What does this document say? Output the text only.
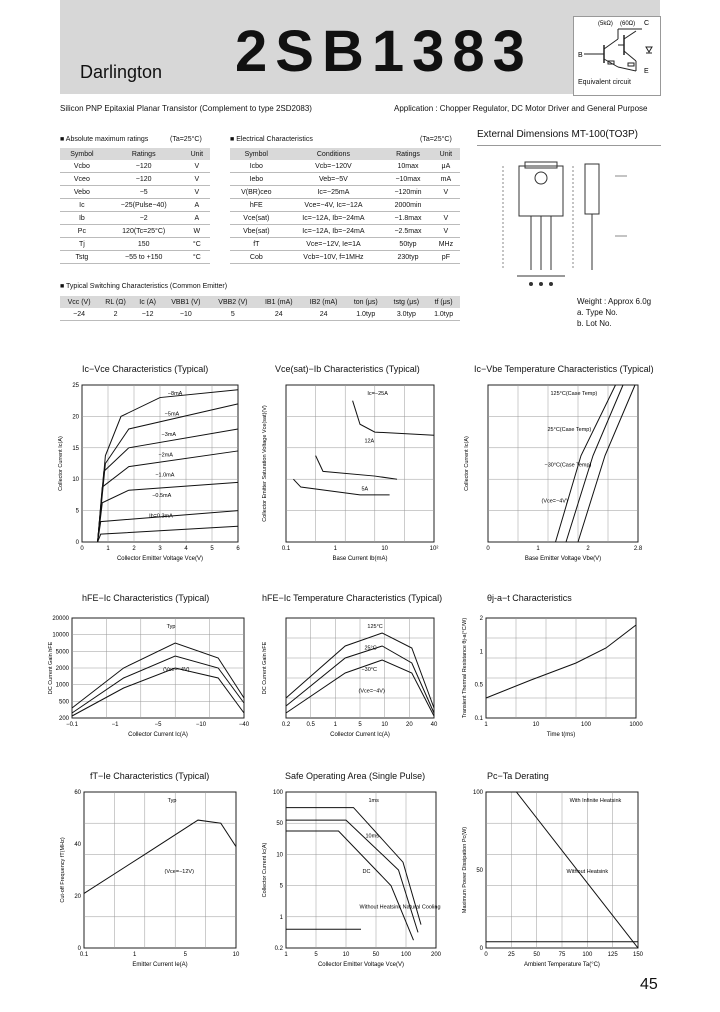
Darlington 2SB1383	(5kΩ) (60Ω) C
B
E
Equivalent circuit
Silicon PNP Epitaxial Planar Transistor (Complement to type 2SD2083)	Application : Chopper Regulator, DC Motor Driver and General Purpose
■ Absolute maximum ratings	(Ta=25°C)
Symbol	Ratings	Unit
Vcbo	−120	V
Vceo	−120	V
Vebo	−5	V
Ic	−25(Pulse−40)	A
Ib	−2	A
Pc	120(Tc=25°C)	W
Tj	150	°C
Tstg	−55 to +150	°C
■ Electrical Characteristics	(Ta=25°C)
Symbol	Conditions	Ratings	Unit
Icbo	Vcb=−120V	10max	μA
Iebo	Veb=−5V	−10max	mA
V(BR)ceo	Ic=−25mA	−120min	V
hFE	Vce=−4V, Ic=−12A	2000min	
Vce(sat)	Ic=−12A, Ib=−24mA	−1.8max	V
Vbe(sat)	Ic=−12A, Ib=−24mA	−2.5max	V
fT	Vce=−12V, Ie=1A	50typ	MHz
Cob	Vcb=−10V, f=1MHz	230typ	pF
■ Typical Switching Characteristics (Common Emitter)
Vcc (V)	RL (Ω)	Ic (A)	VBB1 (V)	VBB2 (V)	IB1 (mA)	IB2 (mA)	ton (μs)	tstg (μs)	tf (μs)
−24	2	−12	−10	5	24	24	1.0typ	3.0typ	1.0typ
External Dimensions MT-100(TO3P)
Weight : Approx 6.0g
a. Type No.
b. Lot No.
Ic−Vce Characteristics (Typical)
0	1	2	3	4	5	6
0
5
10
15
20
25
Collector Emitter Voltage Vce(V)
Collector Current Ic(A)
−8mA
−5mA
−3mA
−2mA
−1.0mA
−0.5mA
Ib=0.3mA
Vce(sat)−Ib Characteristics (Typical)
0.1	1	10	10²
Base Current Ib(mA)
Collector Emitter Saturation Voltage Vce(sat)(V)
Ic=−25A
12A
5A
Ic−Vbe Temperature Characteristics (Typical)
0	1	2	2.8
Base Emitter Voltage Vbe(V)
Collector Current Ic(A)
125°C(Case Temp)
25°C(Case Temp)
−30°C(Case Temp)
(Vce=−4V)
hFE−Ic Characteristics (Typical)
−0.1	−1	−5	−10	−40
200
500
1000
2000
5000
10000
20000
Collector Current Ic(A)
DC Current Gain hFE
Typ
(Vce=−4V)
hFE−Ic Temperature Characteristics (Typical)
0.2	0.5	1	5	10	20	40
Collector Current Ic(A)
DC Current Gain hFE
125°C
25°C
−30°C
(Vce=−4V)
θj-a−t Characteristics
1	10	100	1000
0.1
0.5
1
2
Time t(ms)
Transient Thermal Resistance θj-a(°C/W)
fT−Ie Characteristics (Typical)
0.1	1	5	10
0
20
40
60
Emitter Current Ie(A)
Cut-off Frequency fT(MHz)
Typ
(Vce=−12V)
Safe Operating Area (Single Pulse)
1	5	10	50	100	200
0.2
1
5
10
50
100
Collector Emitter Voltage Vce(V)
Collector Current Ic(A)
1ms
10ms
DC
Without Heatsink Natural Cooling
Pc−Ta Derating
0	25	50	75	100	125	150
0
50
100
Ambient Temperature Ta(°C)
Maximum Power Dissipation Pc(W)
With Infinite Heatsink
Without Heatsink
45
